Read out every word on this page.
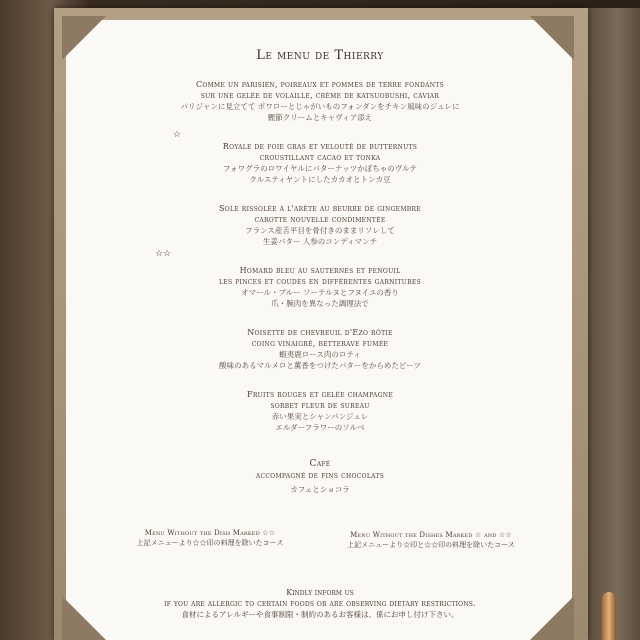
Le menu de Thierry
Comme un parisien, poireaux et pommes de terre fondants
sur une gelée de volaille, crème de katsuobushi, caviar
パリジャンに見立てて ポワローとじゃがいものフォンダンをチキン風味のジュレに
鰹節クリームとキャヴィア添え
Royale de foie gras et velouté de butternuts
croustillant cacao et tonka
フォワグラのロワイヤルにバターナッツかぼちゃのヴルテ
クルスティヤントにしたカカオとトンカ豆
Sole rissolée à l'arête au beurre de gingembre
carotte nouvelle condimentée
フランス産舌平目を骨付きのままリソレして
生姜バター 人参のコンディマンテ
Homard bleu au sauternes et fenouil
les pinces et coudes en différentes garnitures
オマール・ブルー ソーテルヌとフヌイユの香り
爪・腕肉を異なった調理法で
Noisette de chevreuil d'Ezo rôtie
coing vinaigré, betterave fumée
蝦夷鹿ロース肉のロティ
酸味のあるマルメロと薫香をつけたバターをからめたビーツ
Fruits rouges et gelée champagne
sorbet fleur de sureau
赤い果実とシャンパンジュレ
エルダーフラワーのソルベ
Café
accompagné de fins chocolats
カフェとショコラ
☆
☆☆
Menu Without the Dish Marked ☆☆
上記メニューより☆☆印の料理を除いたコース
Menu Without the Dishes Marked ☆ and ☆☆
上記メニューより☆印と☆☆印の料理を除いたコース
Kindly inform us
if you are allergic to certain foods or are observing dietary restrictions.
食材によるアレルギーや食事制限・制約のあるお客様は、係にお申し付け下さい。
